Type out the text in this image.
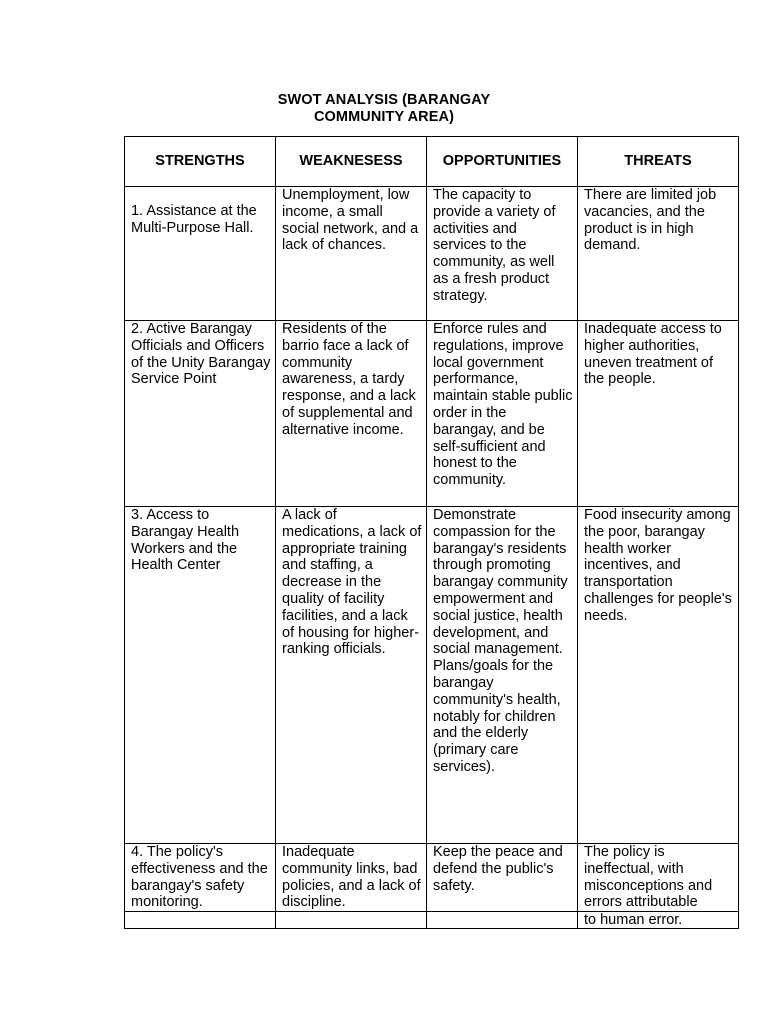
SWOT ANALYSIS (BARANGAY
COMMUNITY AREA)
STRENGTHS	WEAKNESESS	OPPORTUNITIES	THREATS
1. Assistance at the Multi-Purpose Hall.	Unemployment, low income, a small social network, and a lack of chances.	The capacity to provide a variety of activities and services to the community, as well as a fresh product strategy.	There are limited job vacancies, and the product is in high demand.
2. Active Barangay Officials and Officers of the Unity Barangay Service Point	Residents of the barrio face a lack of community awareness, a tardy response, and a lack of supplemental and alternative income.	Enforce rules and regulations, improve local government performance, maintain stable public order in the barangay, and be self-sufficient and honest to the community.	Inadequate access to higher authorities, uneven treatment of the people.
3. Access to Barangay Health Workers and the Health Center	A lack of medications, a lack of appropriate training and staffing, a decrease in the quality of facility facilities, and a lack of housing for higher-ranking officials.	Demonstrate compassion for the barangay's residents through promoting barangay community empowerment and social justice, health development, and social management. Plans/goals for the barangay community's health, notably for children and the elderly (primary care services).	Food insecurity among the poor, barangay health worker incentives, and transportation challenges for people's needs.
4. The policy's effectiveness and the barangay's safety monitoring.	Inadequate community links, bad policies, and a lack of discipline.	Keep the peace and defend the public's safety.	The policy is ineffectual, with misconceptions and errors attributable
			to human error.
